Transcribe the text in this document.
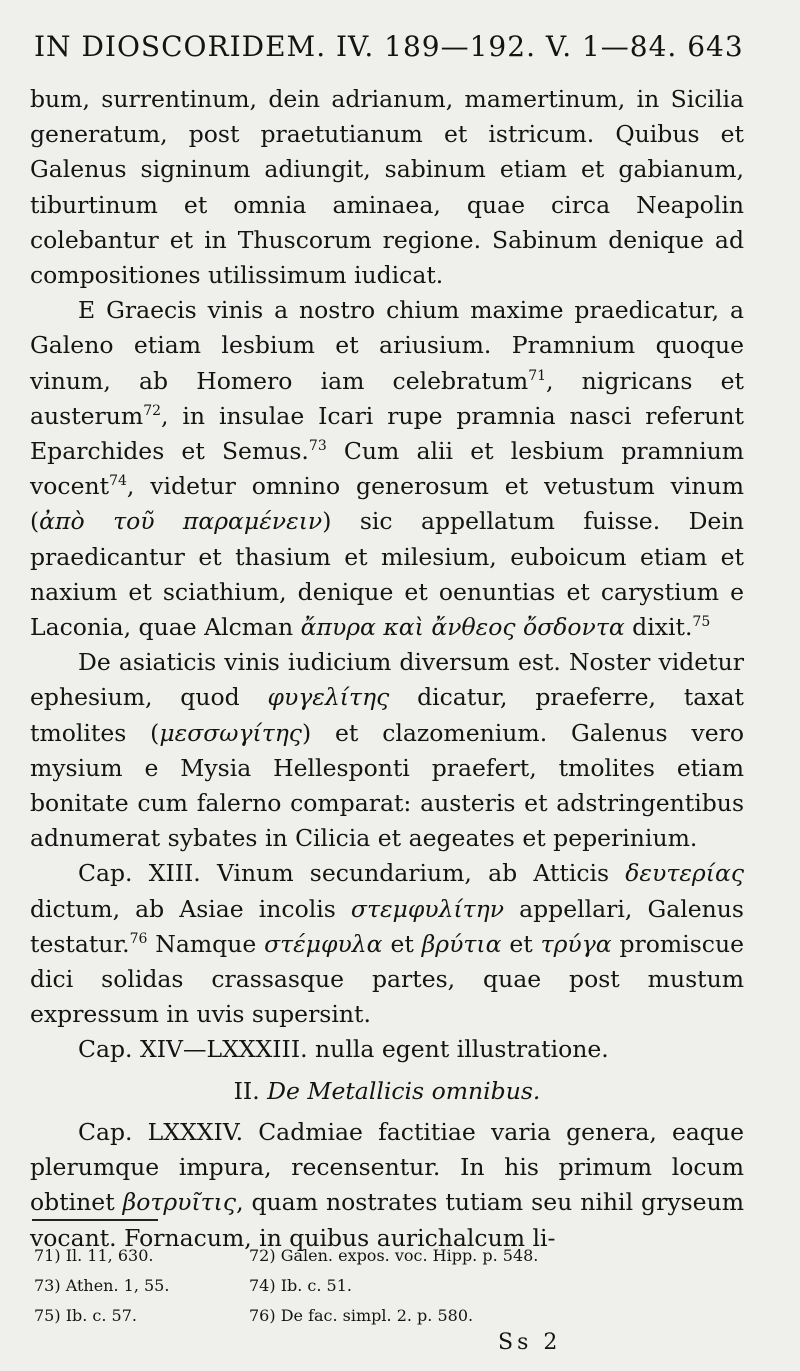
IN DIOSCORIDEM. IV. 189—192. V. 1—84. 643

bum, surrentinum, dein adrianum, mamertinum, in Sicilia generatum, post praetutianum et istricum. Quibus et Galenus signinum adiungit, sabinum etiam et gabianum, tiburtinum et omnia aminaea, quae circa Neapolin colebantur et in Thuscorum regione. Sabinum denique ad compositiones utilissimum iudicat.

E Graecis vinis a nostro chium maxime praedicatur, a Galeno etiam lesbium et ariusium. Pramnium quoque vinum, ab Homero iam celebratum$^{71}$, nigricans et austerum$^{72}$, in insulae Icari rupe pramnia nasci referunt Eparchides et Semus.$^{73}$ Cum alii et lesbium pramnium vocent$^{74}$, videtur omnino generosum et vetustum vinum (ἀπὸ τοῦ παραμένειν) sic appellatum fuisse. Dein praedicantur et thasium et milesium, euboicum etiam et naxium et sciathium, denique et oenuntias et carystium e Laconia, quae Alcman ἄπυρα καὶ ἄνθεος ὄσδοντα dixit.$^{75}$

De asiaticis vinis iudicium diversum est. Noster videtur ephesium, quod φυγελίτης dicatur, praeferre, taxat tmolites (μεσσωγίτης) et clazomenium. Galenus vero mysium e Mysia Hellesponti praefert, tmolites etiam bonitate cum falerno comparat: austeris et adstringentibus adnumerat sybates in Cilicia et aegeates et peperinium.

Cap. XIII. Vinum secundarium, ab Atticis δευτερίας dictum, ab Asiae incolis στεμφυλίτην appellari, Galenus testatur.$^{76}$ Namque στέμφυλα et βρύτια et τρύγα promiscue dici solidas crassasque partes, quae post mustum expressum in uvis supersint.

Cap. XIV—LXXXIII. nulla egent illustratione.

II. De Metallicis omnibus.

Cap. LXXXIV. Cadmiae factitiae varia genera, eaque plerumque impura, recensentur. In his primum locum obtinet βοτρυῖτις, quam nostrates tutiam seu nihil gryseum vocant. Fornacum, in quibus aurichalcum li-

71) Il. 11, 630.	72) Galen. expos. voc. Hipp. p. 548.
73) Athen. 1, 55.	74) Ib. c. 51.
75) Ib. c. 57.	76) De fac. simpl. 2. p. 580.
Ss 2
